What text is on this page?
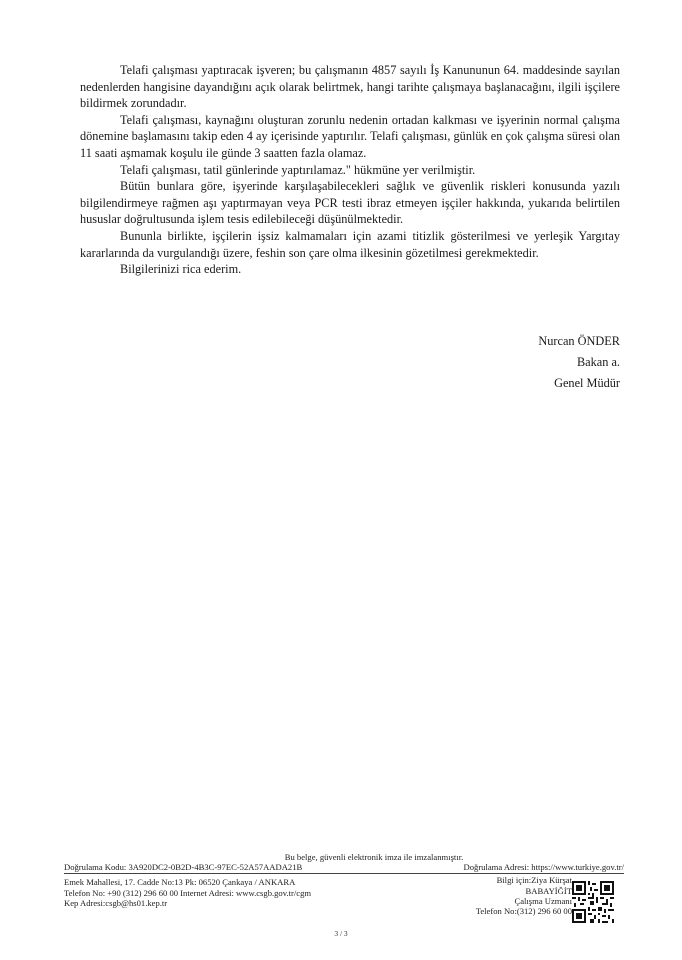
Telafi çalışması yaptıracak işveren; bu çalışmanın 4857 sayılı İş Kanununun 64. maddesinde sayılan nedenlerden hangisine dayandığını açık olarak belirtmek, hangi tarihte çalışmaya başlanacağını, ilgili işçilere bildirmek zorundadır.

Telafi çalışması, kaynağını oluşturan zorunlu nedenin ortadan kalkması ve işyerinin normal çalışma dönemine başlamasını takip eden 4 ay içerisinde yaptırılır. Telafi çalışması, günlük en çok çalışma süresi olan 11 saati aşmamak koşulu ile günde 3 saatten fazla olamaz.

Telafi çalışması, tatil günlerinde yaptırılamaz." hükmüne yer verilmiştir.

Bütün bunlara göre, işyerinde karşılaşabilecekleri sağlık ve güvenlik riskleri konusunda yazılı bilgilendirmeye rağmen aşı yaptırmayan veya PCR testi ibraz etmeyen işçiler hakkında, yukarıda belirtilen hususlar doğrultusunda işlem tesis edilebileceği düşünülmektedir.

Bununla birlikte, işçilerin işsiz kalmamaları için azami titizlik gösterilmesi ve yerleşik Yargıtay kararlarında da vurgulandığı üzere, feshin son çare olma ilkesinin gözetilmesi gerekmektedir.

Bilgilerinizi rica ederim.

Nurcan ÖNDER
Bakan a.
Genel Müdür
Bu belge, güvenli elektronik imza ile imzalanmıştır.
Doğrulama Kodu: 3A920DC2-0B2D-4B3C-97EC-52A57AADA21B	Doğrulama Adresi: https://www.turkiye.gov.tr/
Emek Mahallesi, 17. Cadde No:13 Pk: 06520 Çankaya / ANKARA
Telefon No: +90 (312) 296 60 00 Internet Adresi: www.csgb.gov.tr/cgm
Kep Adresi:csgb@hs01.kep.tr
Bilgi için:Ziya Kürşat
BABAYİĞİT
Çalışma Uzmanı
Telefon No:(312) 296 60 00
3 / 3
